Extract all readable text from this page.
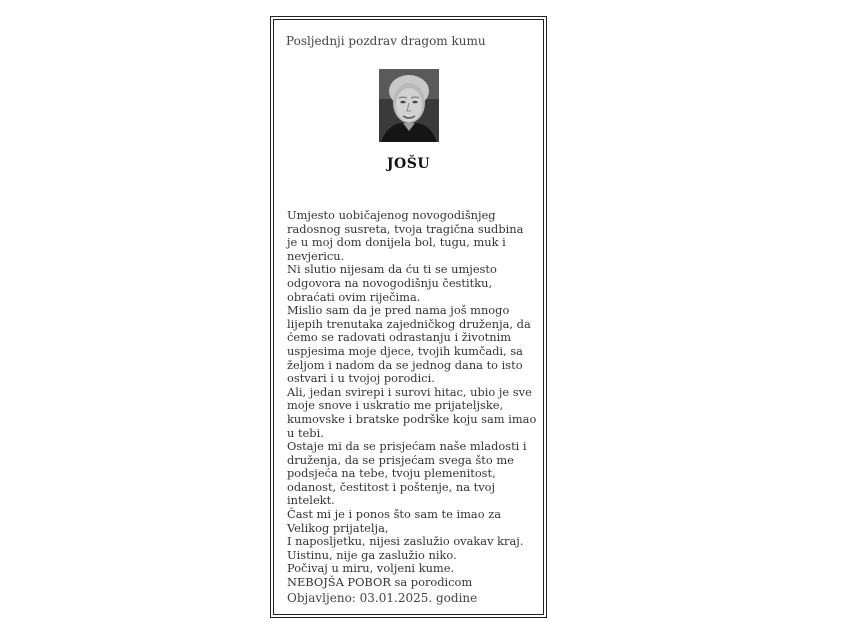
Posljednji pozdrav dragom kumu
JOŠU

Umjesto uobičajenog novogodišnjeg radosnog susreta, tvoja tragična sudbina je u moj dom donijela bol, tugu, muk i nevjericu.

Ni slutio nijesam da ću ti se umjesto odgovora na novogodišnju čestitku, obraćati ovim riječima.

Mislio sam da je pred nama još mnogo lijepih trenutaka zajedničkog druženja, da ćemo se radovati odrastanju i životnim uspjesima moje djece, tvojih kumčadi, sa željom i nadom da se jednog dana to isto ostvari i u tvojoj porodici.

Ali, jedan svirepi i surovi hitac, ubio je sve moje snove i uskratio me prijateljske, kumovske i bratske podrške koju sam imao u tebi.

Ostaje mi da se prisjećam naše mladosti i druženja, da se prisjećam svega što me podsjeća na tebe, tvoju plemenitost, odanost, čestitost i poštenje, na tvoj intelekt.

Čast mi je i ponos što sam te imao za Velikog prijatelja,

I naposljetku, nijesi zaslužio ovakav kraj.

Uistinu, nije ga zaslužio niko.

Počivaj u miru, voljeni kume.

NEBOJŠA POBOR sa porodicom

Objavljeno: 03.01.2025. godine
